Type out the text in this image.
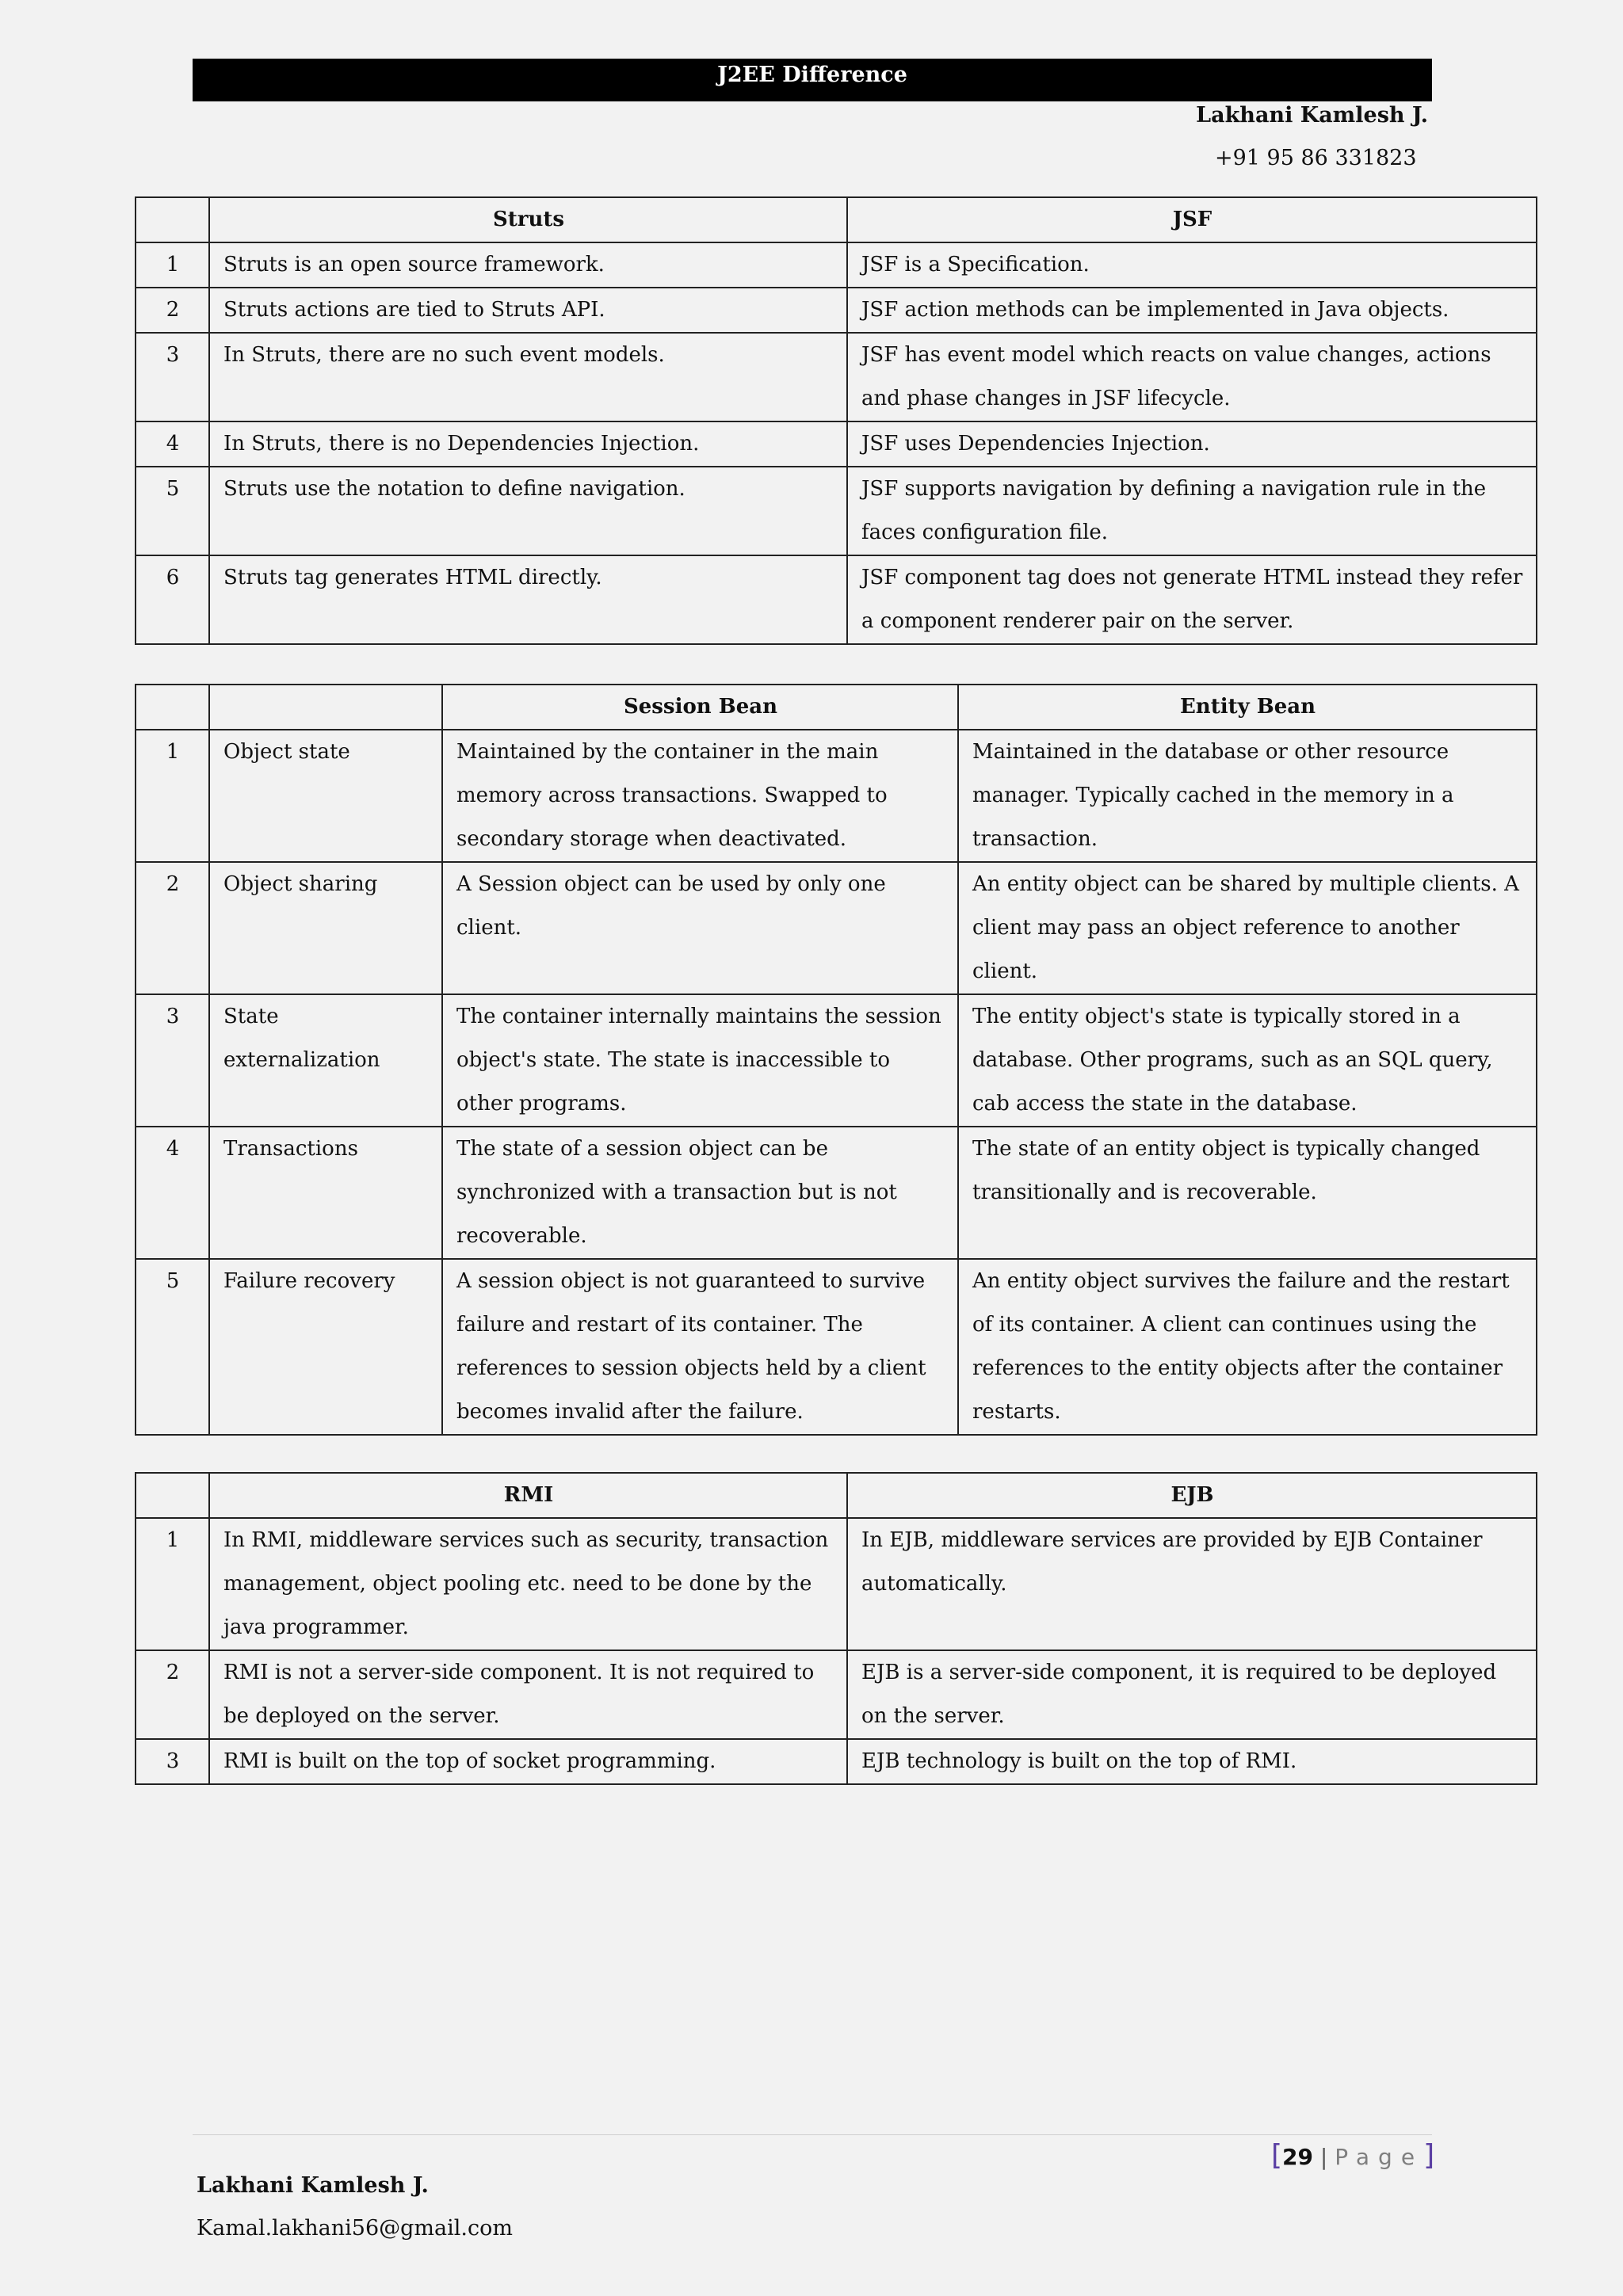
J2EE Difference
Lakhani Kamlesh J.
+91 95 86 331823
	Struts	JSF
1	Struts is an open source framework.	JSF is a Specification.
2	Struts actions are tied to Struts API.	JSF action methods can be implemented in Java objects.
3	In Struts, there are no such event models.	JSF has event model which reacts on value changes, actions and phase changes in JSF lifecycle.
4	In Struts, there is no Dependencies Injection.	JSF uses Dependencies Injection.
5	Struts use the notation to define navigation.	JSF supports navigation by defining a navigation rule in the faces configuration file.
6	Struts tag generates HTML directly.	JSF component tag does not generate HTML instead they refer a component renderer pair on the server.
		Session Bean	Entity Bean
1	Object state	Maintained by the container in the main memory across transactions. Swapped to secondary storage when deactivated.	Maintained in the database or other resource manager. Typically cached in the memory in a transaction.
2	Object sharing	A Session object can be used by only one client.	An entity object can be shared by multiple clients. A client may pass an object reference to another client.
3	State externalization	The container internally maintains the session object's state. The state is inaccessible to other programs.	The entity object's state is typically stored in a database. Other programs, such as an SQL query, cab access the state in the database.
4	Transactions	The state of a session object can be synchronized with a transaction but is not recoverable.	The state of an entity object is typically changed transitionally and is recoverable.
5	Failure recovery	A session object is not guaranteed to survive failure and restart of its container. The references to session objects held by a client becomes invalid after the failure.	An entity object survives the failure and the restart of its container. A client can continues using the references to the entity objects after the container restarts.
	RMI	EJB
1	In RMI, middleware services such as security, transaction management, object pooling etc. need to be done by the java programmer.	In EJB, middleware services are provided by EJB Container automatically.
2	RMI is not a server-side component. It is not required to be deployed on the server.	EJB is a server-side component, it is required to be deployed on the server.
3	RMI is built on the top of socket programming.	EJB technology is built on the top of RMI.
[29 | Page]
Lakhani Kamlesh J.
Kamal.lakhani56@gmail.com
